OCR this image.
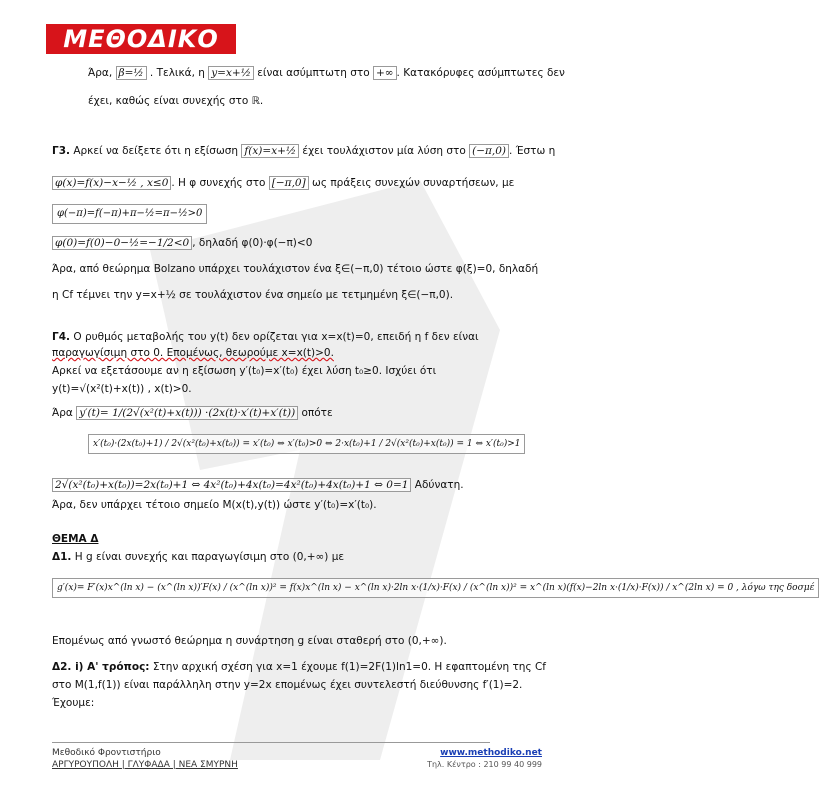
ΜΕΘΟΔΙΚΟ
Άρα, β=½ . Τελικά, η y=x+½ είναι ασύμπτωτη στο +∞ . Κατακόρυφες ασύμπτωτες δεν
έχει, καθώς είναι συνεχής στο ℝ.
Γ3. Αρκεί να δείξετε ότι η εξίσωση f(x)=x+½ έχει τουλάχιστον μία λύση στο (−π,0) . Έστω η
φ(x)=f(x)−x−½ , x≤0 . Η φ συνεχής στο [−π,0] ως πράξεις συνεχών συναρτήσεων, με
φ(−π)=f(−π)+π−½=π−½>0
φ(0)=f(0)−0−½=−1/2<0 , δηλαδή φ(0)·φ(−π)<0
Άρα, από θεώρημα Bolzano υπάρχει τουλάχιστον ένα ξ∈(−π,0) τέτοιο ώστε φ(ξ)=0, δηλαδή
η Cf τέμνει την y=x+½ σε τουλάχιστον ένα σημείο με τετμημένη ξ∈(−π,0).
Γ4. Ο ρυθμός μεταβολής του y(t) δεν ορίζεται για x=x(t)=0, επειδή η f δεν είναι
παραγωγίσιμη στο 0. Επομένως, θεωρούμε x=x(t)>0.
Αρκεί να εξετάσουμε αν η εξίσωση y′(t₀)=x′(t₀) έχει λύση t₀≥0. Ισχύει ότι
y(t)=√(x²(t)+x(t)) , x(t)>0.
Άρα y′(t)= 1/(2√(x²(t)+x(t))) ·(2x(t)·x′(t)+x′(t)) οπότε
x′(t₀)·(2x(t₀)+1) / 2√(x²(t₀)+x(t₀)) = x′(t₀) ⇔ x′(t₀)>0 ⇔ 2·x(t₀)+1 / 2√(x²(t₀)+x(t₀)) = 1 ⇔ x′(t₀)>1
2√(x²(t₀)+x(t₀))=2x(t₀)+1 ⇔ 4x²(t₀)+4x(t₀)=4x²(t₀)+4x(t₀)+1 ⇔ 0=1 Αδύνατη.
Άρα, δεν υπάρχει τέτοιο σημείο M(x(t),y(t)) ώστε y′(t₀)=x′(t₀).
ΘΕΜΑ Δ
Δ1. Η g είναι συνεχής και παραγωγίσιμη στο (0,+∞) με
g′(x)= F′(x)x^(ln x) − (x^(ln x))′F(x) / (x^(ln x))² = f(x)x^(ln x) − x^(ln x)·2ln x·(1/x)·F(x) / (x^(ln x))² = x^(ln x)(f(x)−2ln x·(1/x)·F(x)) / x^(2ln x) = 0 , λόγω της δοσμέ
Επομένως από γνωστό θεώρημα η συνάρτηση g είναι σταθερή στο (0,+∞).
Δ2. i) Α' τρόπος: Στην αρχική σχέση για x=1 έχουμε f(1)=2F(1)ln1=0. Η εφαπτομένη της Cf
στο M(1,f(1)) είναι παράλληλη στην y=2x επομένως έχει συντελεστή διεύθυνσης f′(1)=2.
Έχουμε:
Μεθοδικό Φροντιστήριο
ΑΡΓΥΡΟΥΠΟΛΗ | ΓΛΥΦΑΔΑ | ΝΕΑ ΣΜΥΡΝΗ
www.methodiko.net
Τηλ. Κέντρο : 210 99 40 999
